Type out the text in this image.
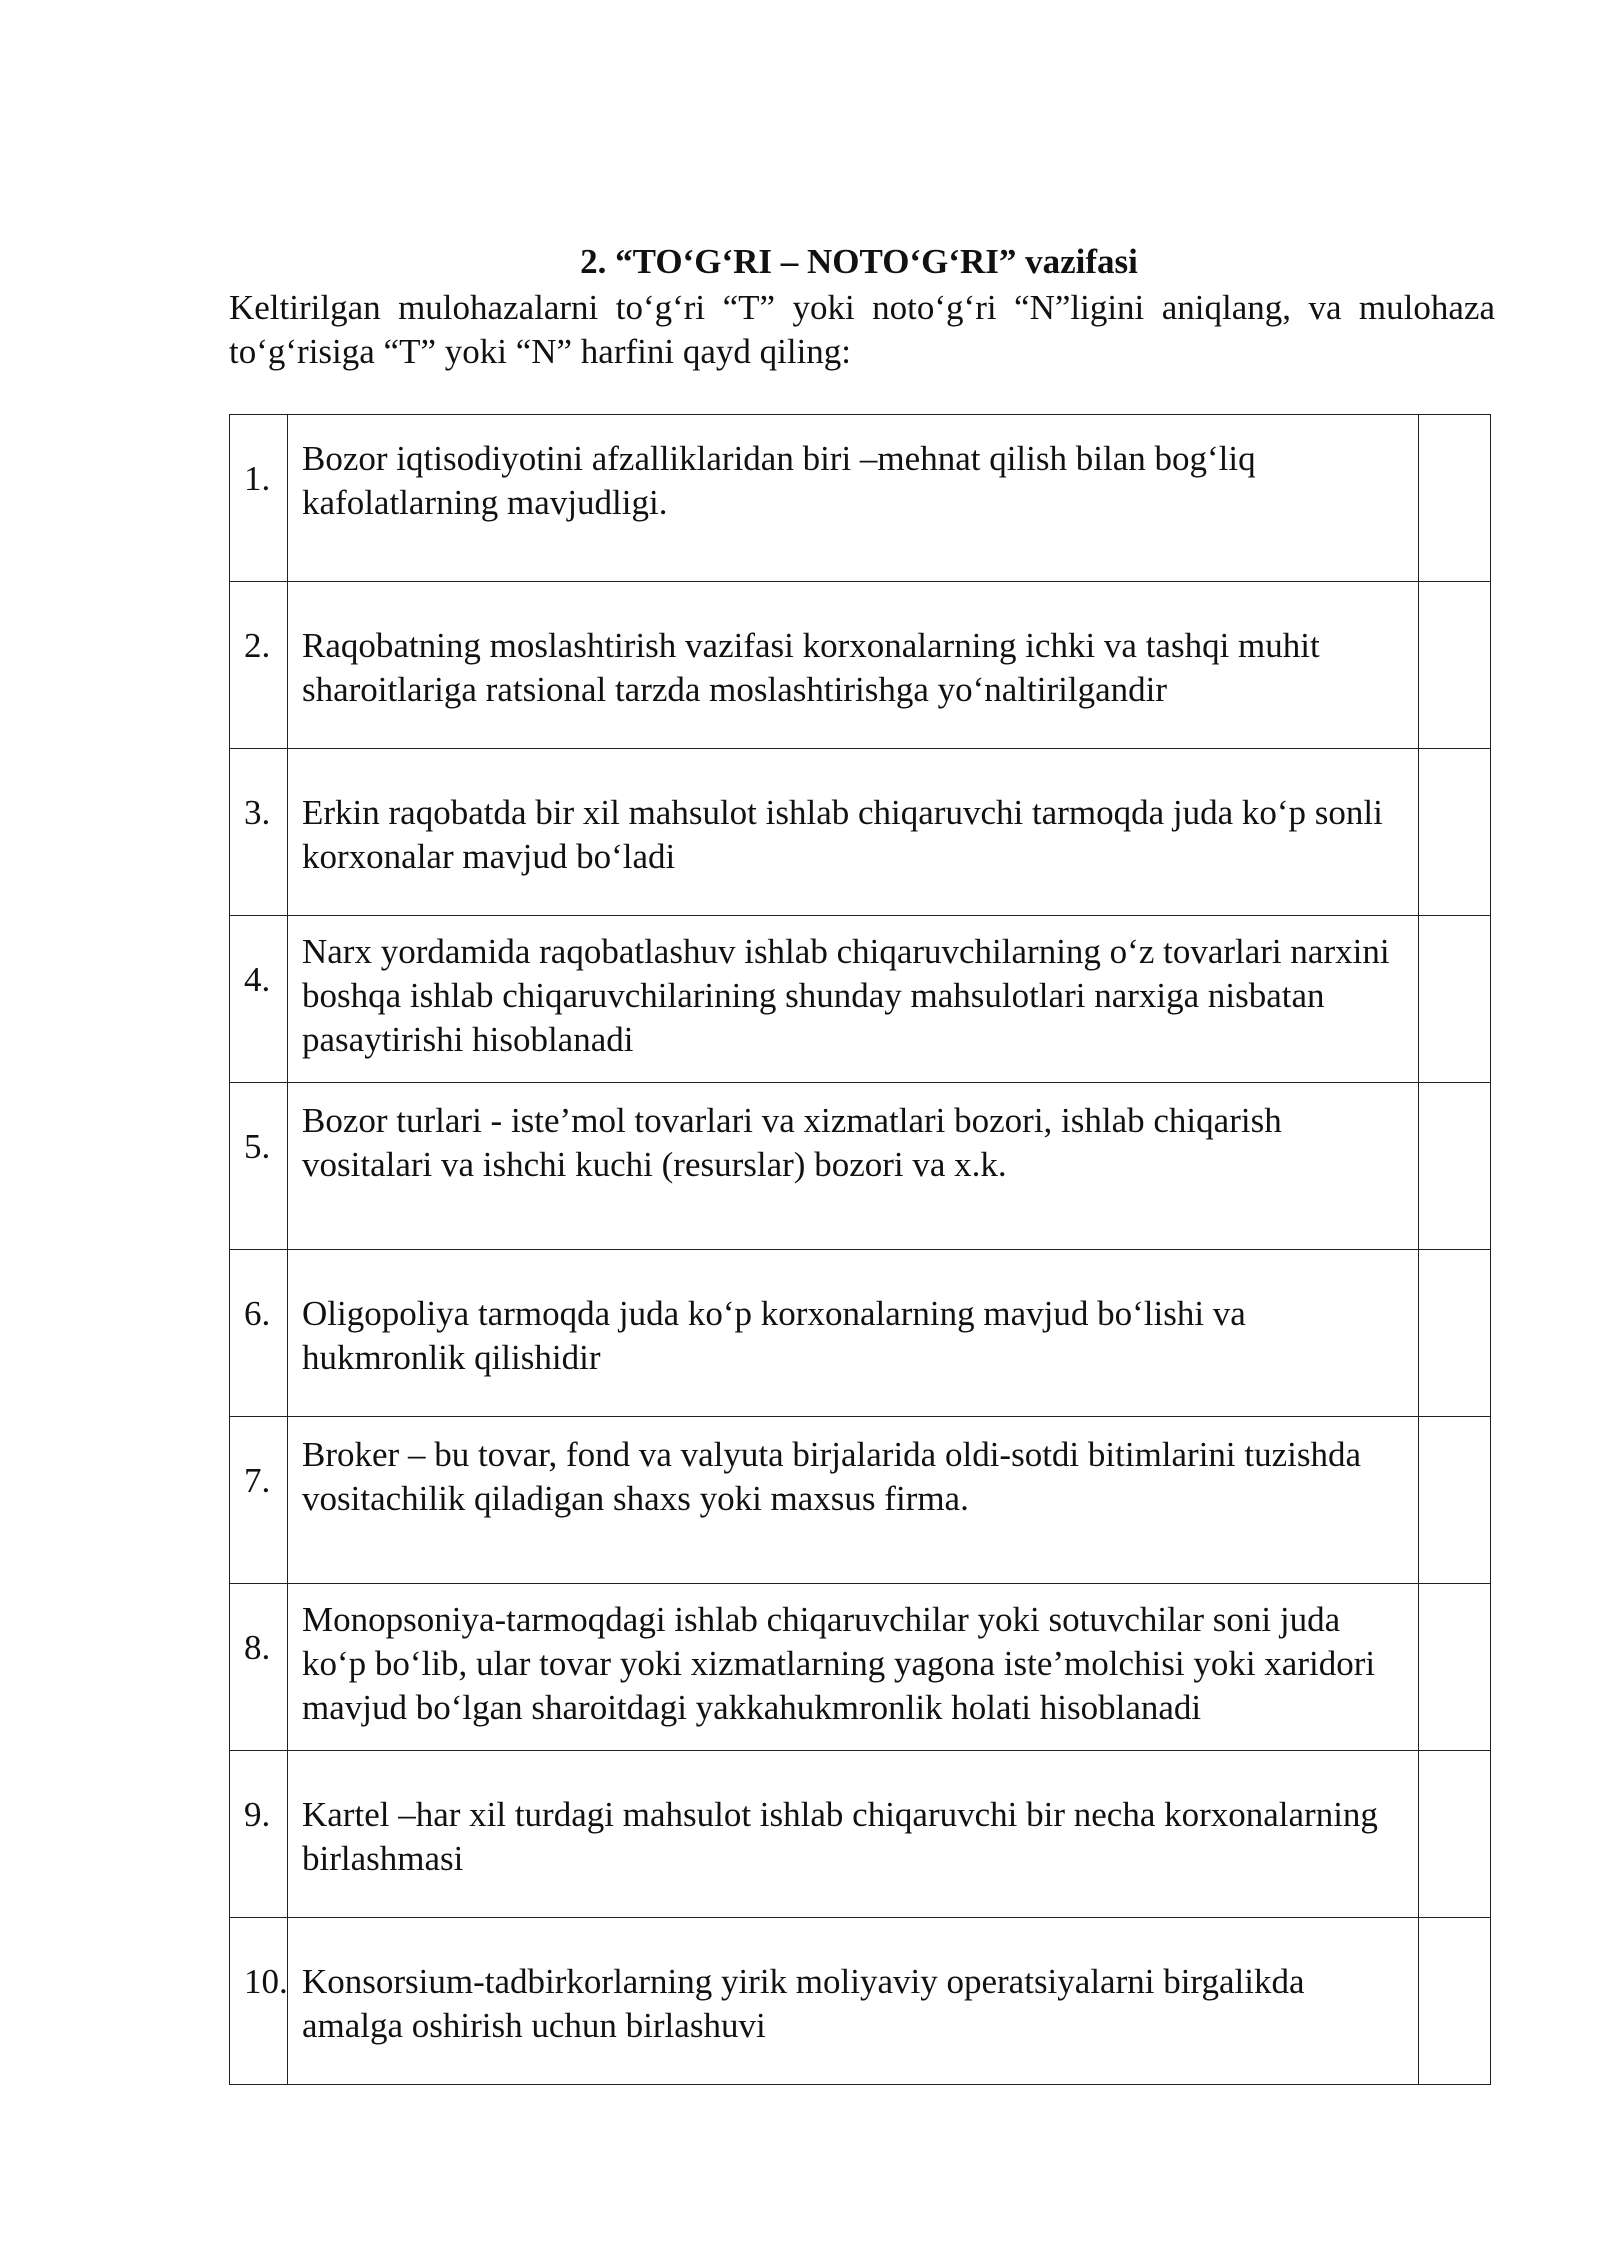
2. “TO‘G‘RI – NOTO‘G‘RI” vazifasi
Keltirilgan mulohazalarni to‘g‘ri “T” yoki noto‘g‘ri “N”ligini aniqlang, va mulohaza to‘g‘risiga “T” yoki “N” harfini qayd qiling:
1.	Bozor iqtisodiyotini afzalliklaridan biri –mehnat qilish bilan bog‘liq kafolatlarning mavjudligi.	
2.	Raqobatning moslashtirish vazifasi korxonalarning ichki va tashqi muhit sharoitlariga ratsional tarzda moslashtirishga yo‘naltirilgandir	
3.	Erkin raqobatda bir xil mahsulot ishlab chiqaruvchi tarmoqda juda ko‘p sonli korxonalar mavjud bo‘ladi	
4.	Narx yordamida raqobatlashuv ishlab chiqaruvchilarning o‘z tovarlari narxini boshqa ishlab chiqaruvchilarining shunday mahsulotlari narxiga nisbatan pasaytirishi hisoblanadi	
5.	Bozor turlari - iste’mol tovarlari va xizmatlari bozori, ishlab chiqarish vositalari va ishchi kuchi (resurslar) bozori va x.k.	
6.	Oligopoliya tarmoqda juda ko‘p korxonalarning mavjud bo‘lishi va hukmronlik qilishidir	
7.	Broker – bu tovar, fond va valyuta birjalarida oldi-sotdi bitimlarini tuzishda vositachilik qiladigan shaxs yoki maxsus firma.	
8.	Monopsoniya-tarmoqdagi ishlab chiqaruvchilar yoki sotuvchilar soni juda ko‘p bo‘lib, ular tovar yoki xizmatlarning yagona iste’molchisi yoki xaridori mavjud bo‘lgan sharoitdagi yakkahukmronlik holati hisoblanadi	
9.	Kartel –har xil turdagi mahsulot ishlab chiqaruvchi bir necha korxonalarning birlashmasi	
10.	Konsorsium-tadbirkorlarning yirik moliyaviy operatsiyalarni birgalikda amalga oshirish uchun birlashuvi	
